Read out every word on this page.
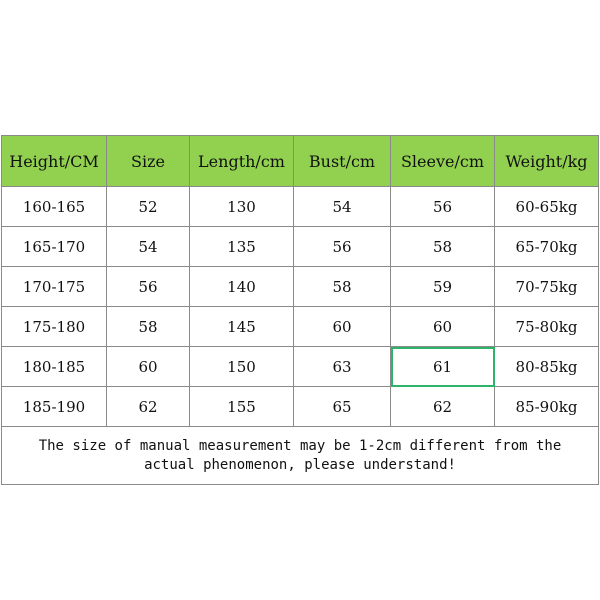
Height/CM	Size	Length/cm	Bust/cm	Sleeve/cm	Weight/kg
160-165	52	130	54	56	60-65kg
165-170	54	135	56	58	65-70kg
170-175	56	140	58	59	70-75kg
175-180	58	145	60	60	75-80kg
180-185	60	150	63	61	80-85kg
185-190	62	155	65	62	85-90kg

The size of manual measurement may be 1-2cm different from the
actual phenomenon, please understand!					
